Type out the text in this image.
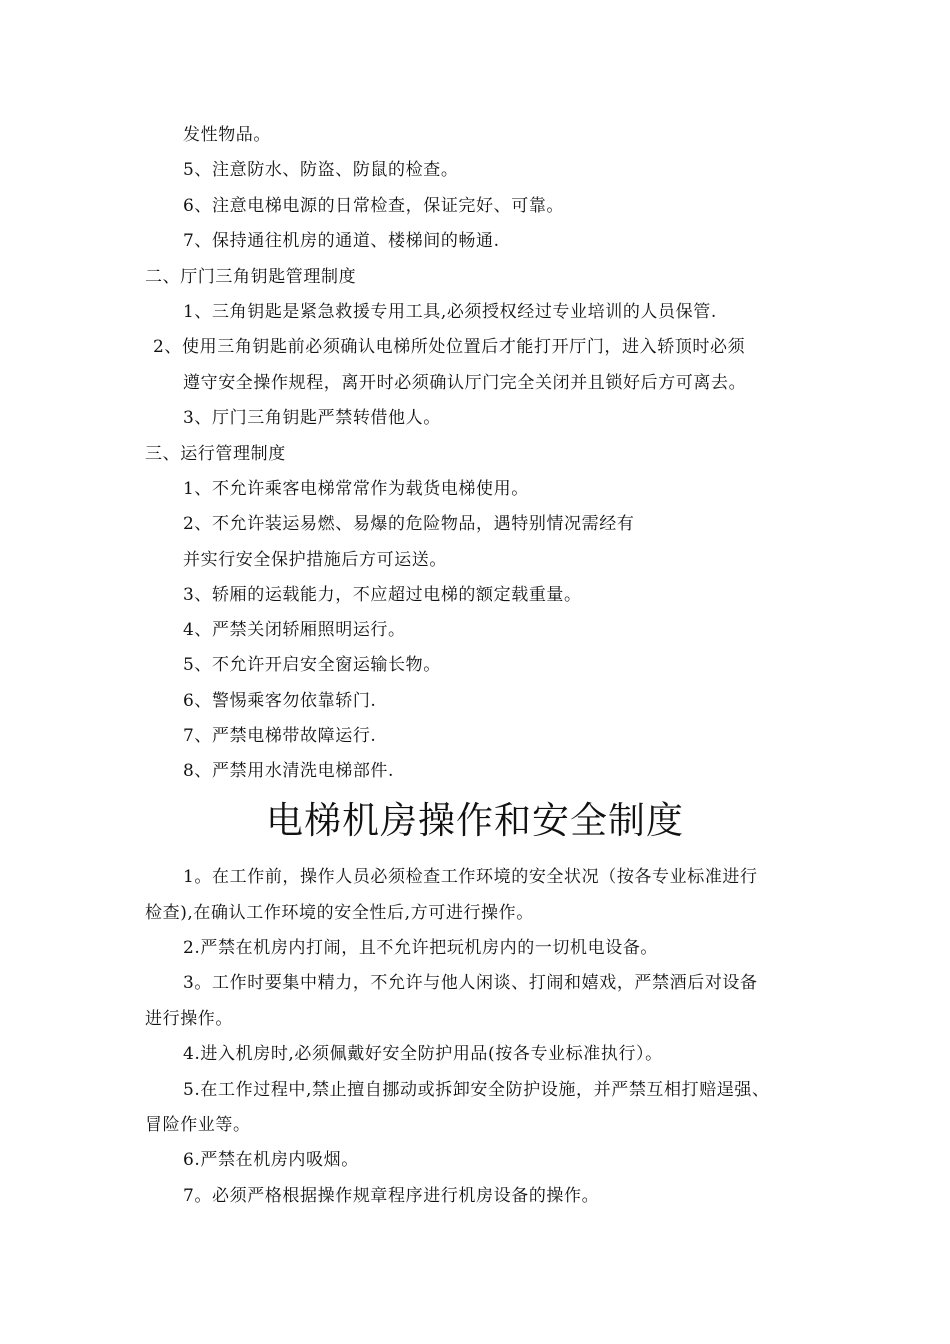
发性物品。
5、注意防水、防盗、防鼠的检查。
6、注意电梯电源的日常检查，保证完好、可靠。
7、保持通往机房的通道、楼梯间的畅通.
二、厅门三角钥匙管理制度
1、三角钥匙是紧急救援专用工具,必须授权经过专业培训的人员保管.
2、使用三角钥匙前必须确认电梯所处位置后才能打开厅门，进入轿顶时必须
遵守安全操作规程，离开时必须确认厅门完全关闭并且锁好后方可离去。
3、厅门三角钥匙严禁转借他人。
三、运行管理制度
1、不允许乘客电梯常常作为载货电梯使用。
2、不允许装运易燃、易爆的危险物品，遇特别情况需经有
并实行安全保护措施后方可运送。
3、轿厢的运载能力，不应超过电梯的额定载重量。
4、严禁关闭轿厢照明运行。
5、不允许开启安全窗运输长物。
6、警惕乘客勿依靠轿门.
7、严禁电梯带故障运行.
8、严禁用水清洗电梯部件.
电梯机房操作和安全制度
1。在工作前，操作人员必须检查工作环境的安全状况（按各专业标准进行
检查),在确认工作环境的安全性后,方可进行操作。
2.严禁在机房内打闹，且不允许把玩机房内的一切机电设备。
3。工作时要集中精力，不允许与他人闲谈、打闹和嬉戏，严禁酒后对设备
进行操作。
4.进入机房时,必须佩戴好安全防护用品(按各专业标准执行）。
5.在工作过程中,禁止擅自挪动或拆卸安全防护设施，并严禁互相打赔逞强、
冒险作业等。
6.严禁在机房内吸烟。
7。必须严格根据操作规章程序进行机房设备的操作。
